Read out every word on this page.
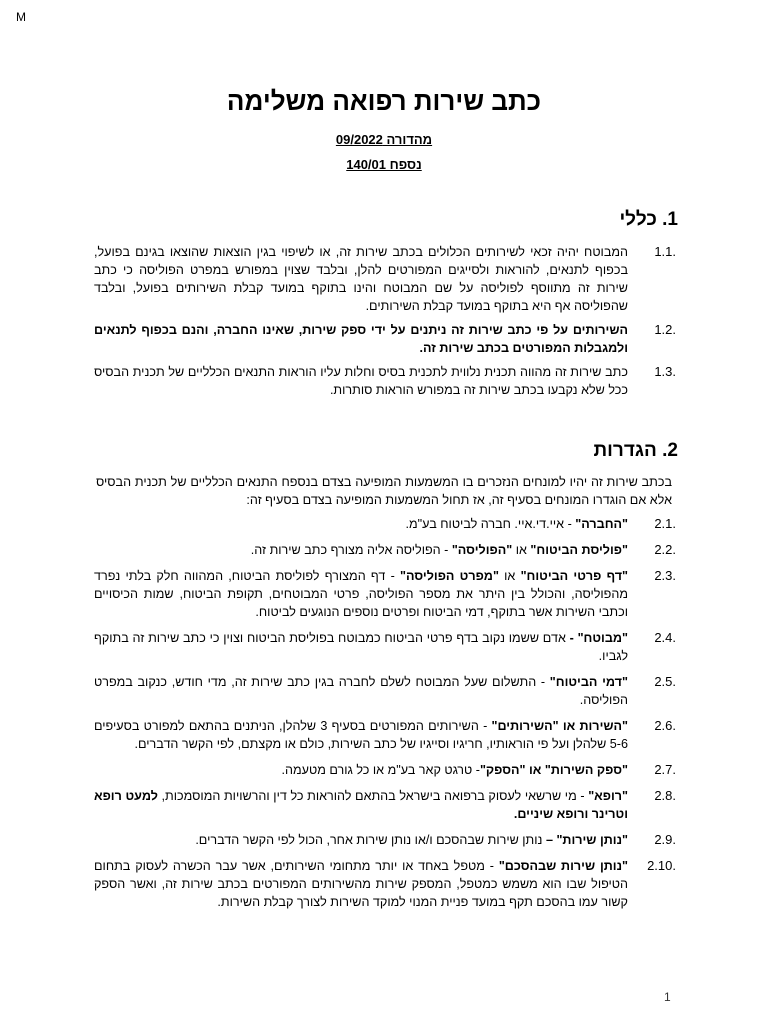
M
כתב שירות רפואה משלימה
מהדורה 09/2022
נספח 140/01
1. כללי
1.1.
המבוטח יהיה זכאי לשירותים הכלולים בכתב שירות זה, או לשיפוי בגין הוצאות שהוצאו בגינם בפועל, בכפוף לתנאים, להוראות ולסייגים המפורטים להלן, ובלבד שצוין במפורש במפרט הפוליסה כי כתב שירות זה מתווסף לפוליסה על שם המבוטח והינו בתוקף במועד קבלת השירותים בפועל, ובלבד שהפוליסה אף היא בתוקף במועד קבלת השירותים.
1.2.
השירותים על פי כתב שירות זה ניתנים על ידי ספק שירות, שאינו החברה, והנם בכפוף לתנאים ולמגבלות המפורטים בכתב שירות זה.
1.3.
כתב שירות זה מהווה תכנית נלווית לתכנית בסיס וחלות עליו הוראות התנאים הכלליים של תכנית הבסיס ככל שלא נקבעו בכתב שירות זה במפורש הוראות סותרות.
2. הגדרות
בכתב שירות זה יהיו למונחים הנזכרים בו המשמעות המופיעה בצדם בנספח התנאים הכלליים של תכנית הבסיס אלא אם הוגדרו המונחים בסעיף זה, אז תחול המשמעות המופיעה בצדם בסעיף זה:
2.1.
"החברה" - איי.די.איי. חברה לביטוח בע"מ.
2.2.
"פוליסת הביטוח" או "הפוליסה" - הפוליסה אליה מצורף כתב שירות זה.
2.3.
"דף פרטי הביטוח" או "מפרט הפוליסה" - דף המצורף לפוליסת הביטוח, המהווה חלק בלתי נפרד מהפוליסה, והכולל בין היתר את מספר הפוליסה, פרטי המבוטחים, תקופת הביטוח, שמות הכיסויים וכתבי השירות אשר בתוקף, דמי הביטוח ופרטים נוספים הנוגעים לביטוח.
2.4.
"מבוטח" - אדם ששמו נקוב בדף פרטי הביטוח כמבוטח בפוליסת הביטוח וצוין כי כתב שירות זה בתוקף לגביו.
2.5.
"דמי הביטוח" - התשלום שעל המבוטח לשלם לחברה בגין כתב שירות זה, מדי חודש, כנקוב במפרט הפוליסה.
2.6.
"השירות או "השירותים" - השירותים המפורטים בסעיף 3 שלהלן, הניתנים בהתאם למפורט בסעיפים 5-6 שלהלן ועל פי הוראותיו, חריגיו וסייגיו של כתב השירות, כולם או מקצתם, לפי הקשר הדברים.
2.7.
"ספק השירות" או "הספק"- טרגט קאר בע"מ או כל גורם מטעמה.
2.8.
"רופא" - מי שרשאי לעסוק ברפואה בישראל בהתאם להוראות כל דין והרשויות המוסמכות, למעט רופא וטרינר ורופא שיניים.
2.9.
"נותן שירות" – נותן שירות שבהסכם ו/או נותן שירות אחר, הכול לפי הקשר הדברים.
2.10.
"נותן שירות שבהסכם" - מטפל באחד או יותר מתחומי השירותים, אשר עבר הכשרה לעסוק בתחום הטיפול שבו הוא משמש כמטפל, המספק שירות מהשירותים המפורטים בכתב שירות זה, ואשר הספק קשור עמו בהסכם תקף במועד פניית המנוי למוקד השירות לצורך קבלת השירות.
1
